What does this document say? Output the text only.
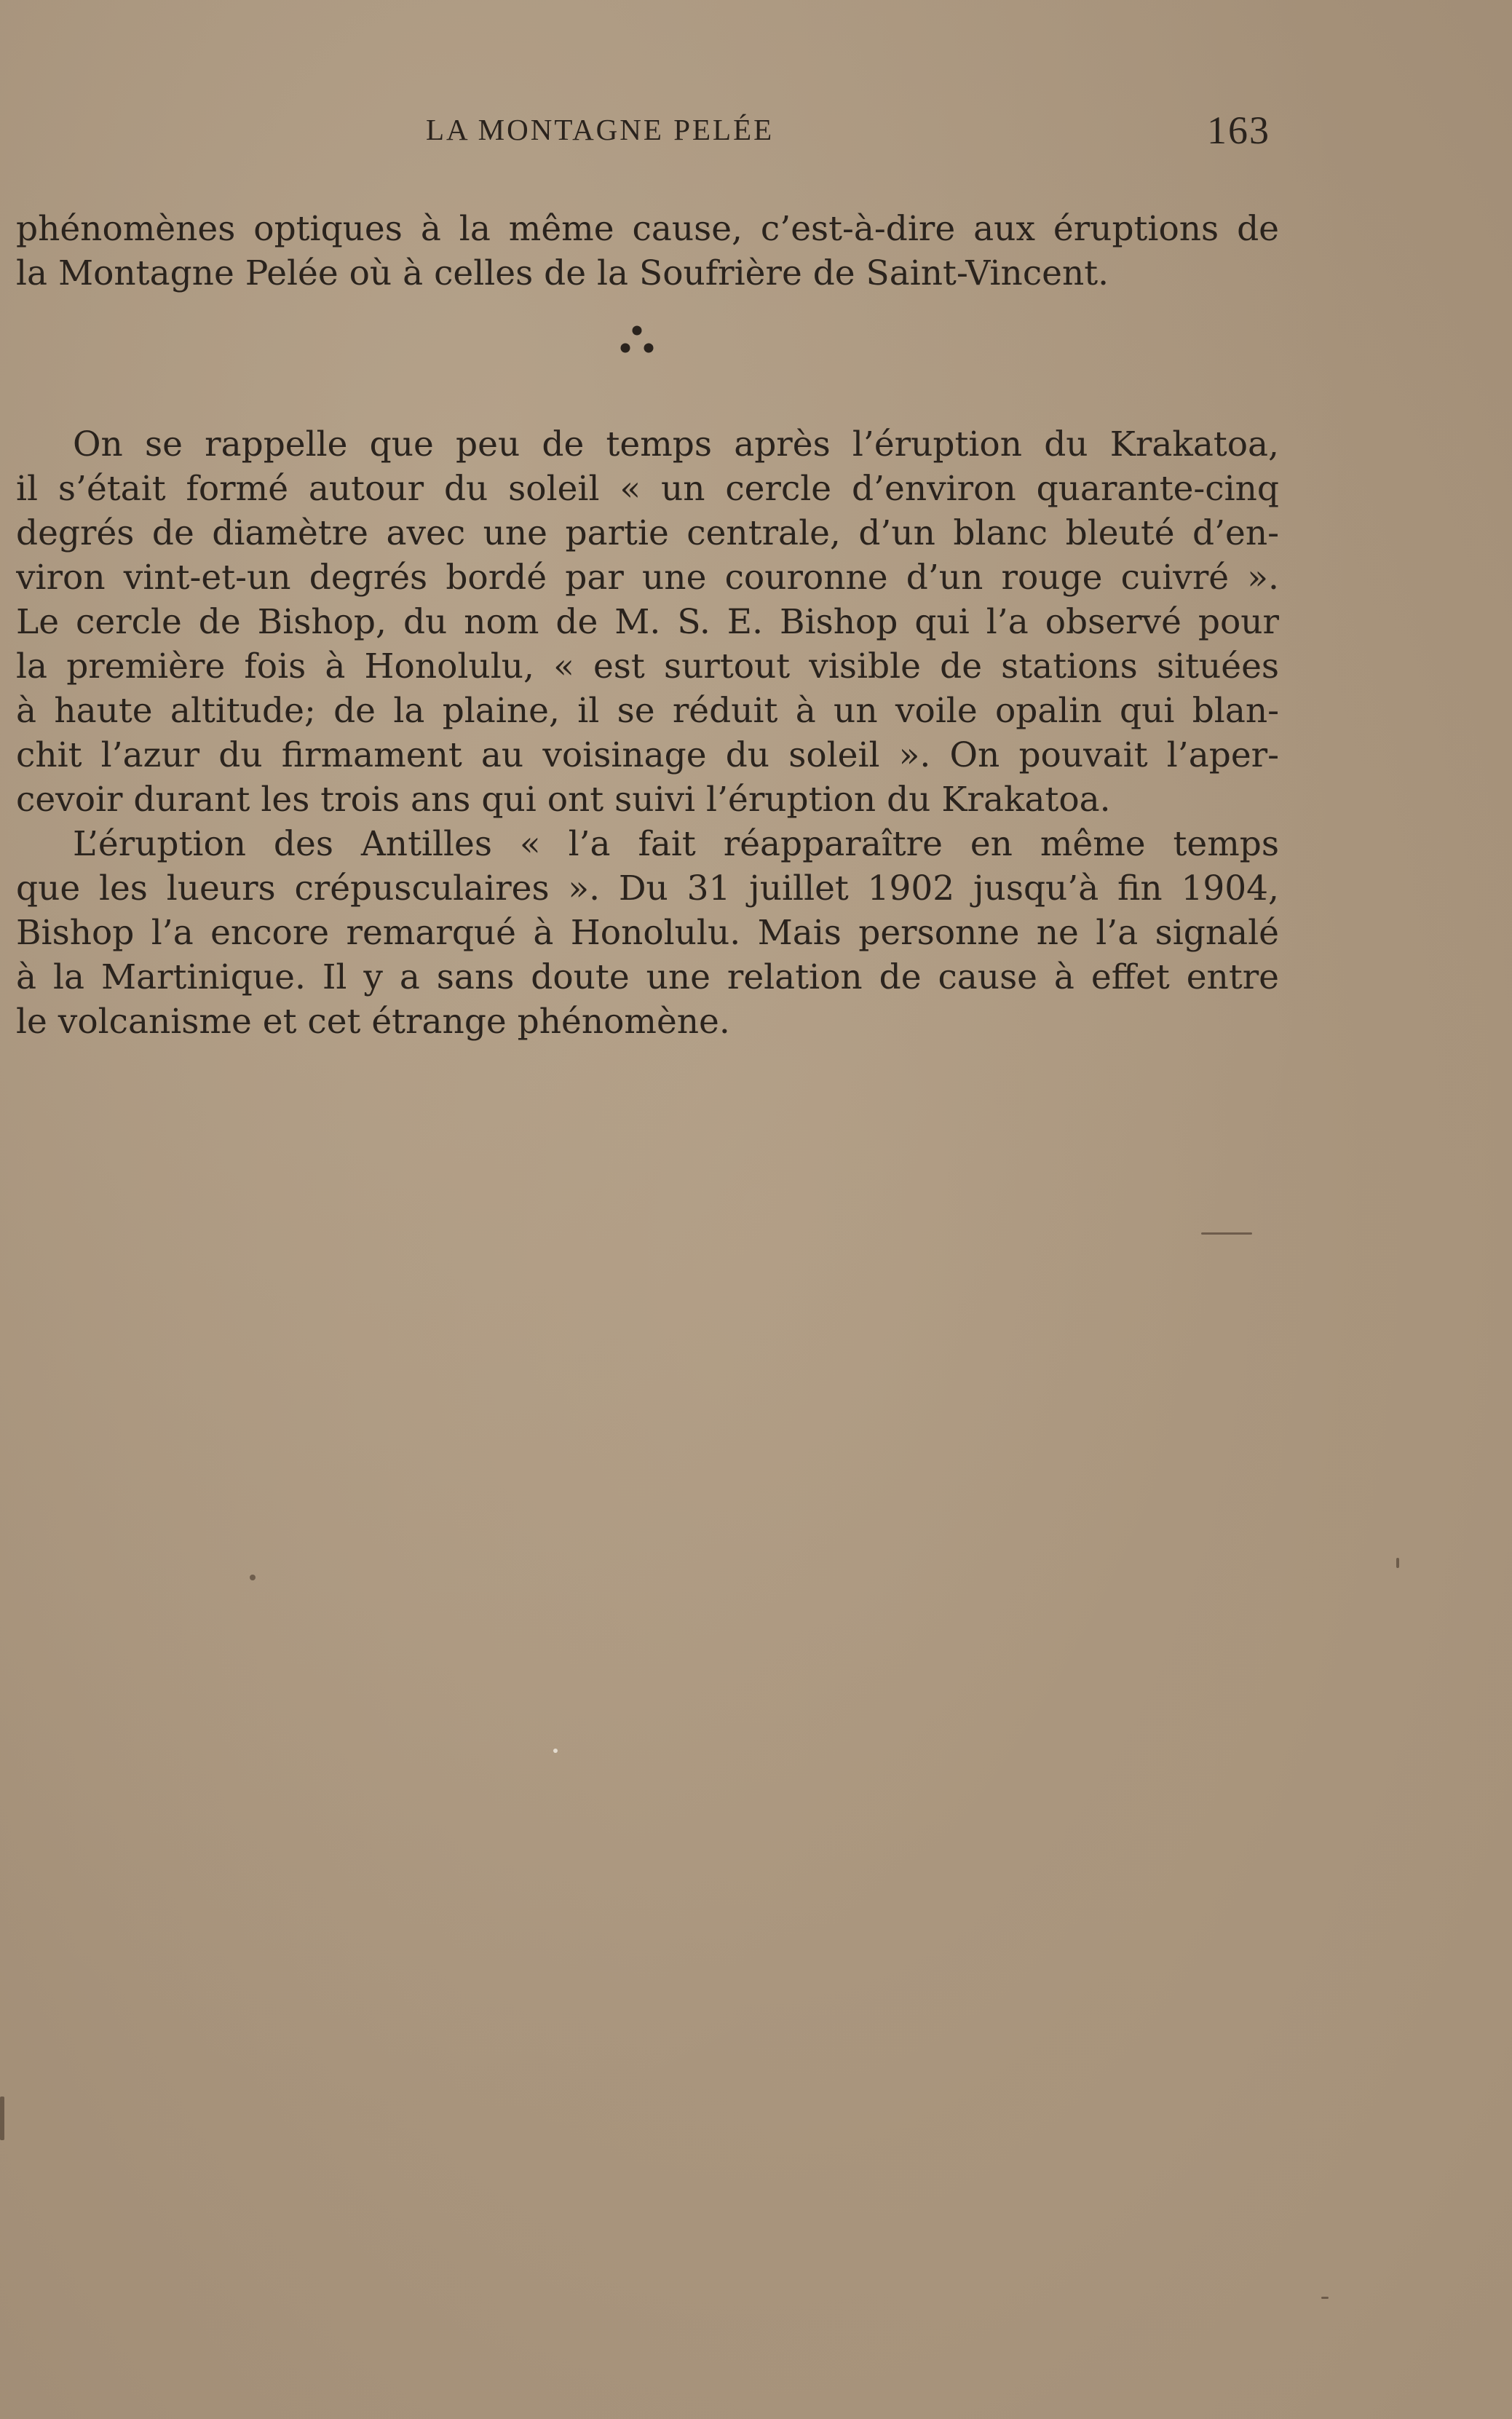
LA MONTAGNE PELÉE	163
phénomènes optiques à la même cause, c’est-à-dire aux éruptions de
la Montagne Pelée où à celles de la Soufrière de Saint-Vincent.
On se rappelle que peu de temps après l’éruption du Krakatoa,
il s’était formé autour du soleil « un cercle d’environ quarante-cinq
degrés de diamètre avec une partie centrale, d’un blanc bleuté d’en-
viron vint-et-un degrés bordé par une couronne d’un rouge cuivré ».
Le cercle de Bishop, du nom de M. S. E. Bishop qui l’a observé pour
la première fois à Honolulu, « est surtout visible de stations situées
à haute altitude; de la plaine, il se réduit à un voile opalin qui blan-
chit l’azur du firmament au voisinage du soleil ». On pouvait l’aper-
cevoir durant les trois ans qui ont suivi l’éruption du Krakatoa.
L’éruption des Antilles « l’a fait réapparaître en même temps
que les lueurs crépusculaires ». Du 31 juillet 1902 jusqu’à fin 1904,
Bishop l’a encore remarqué à Honolulu. Mais personne ne l’a signalé
à la Martinique. Il y a sans doute une relation de cause à effet entre
le volcanisme et cet étrange phénomène.
